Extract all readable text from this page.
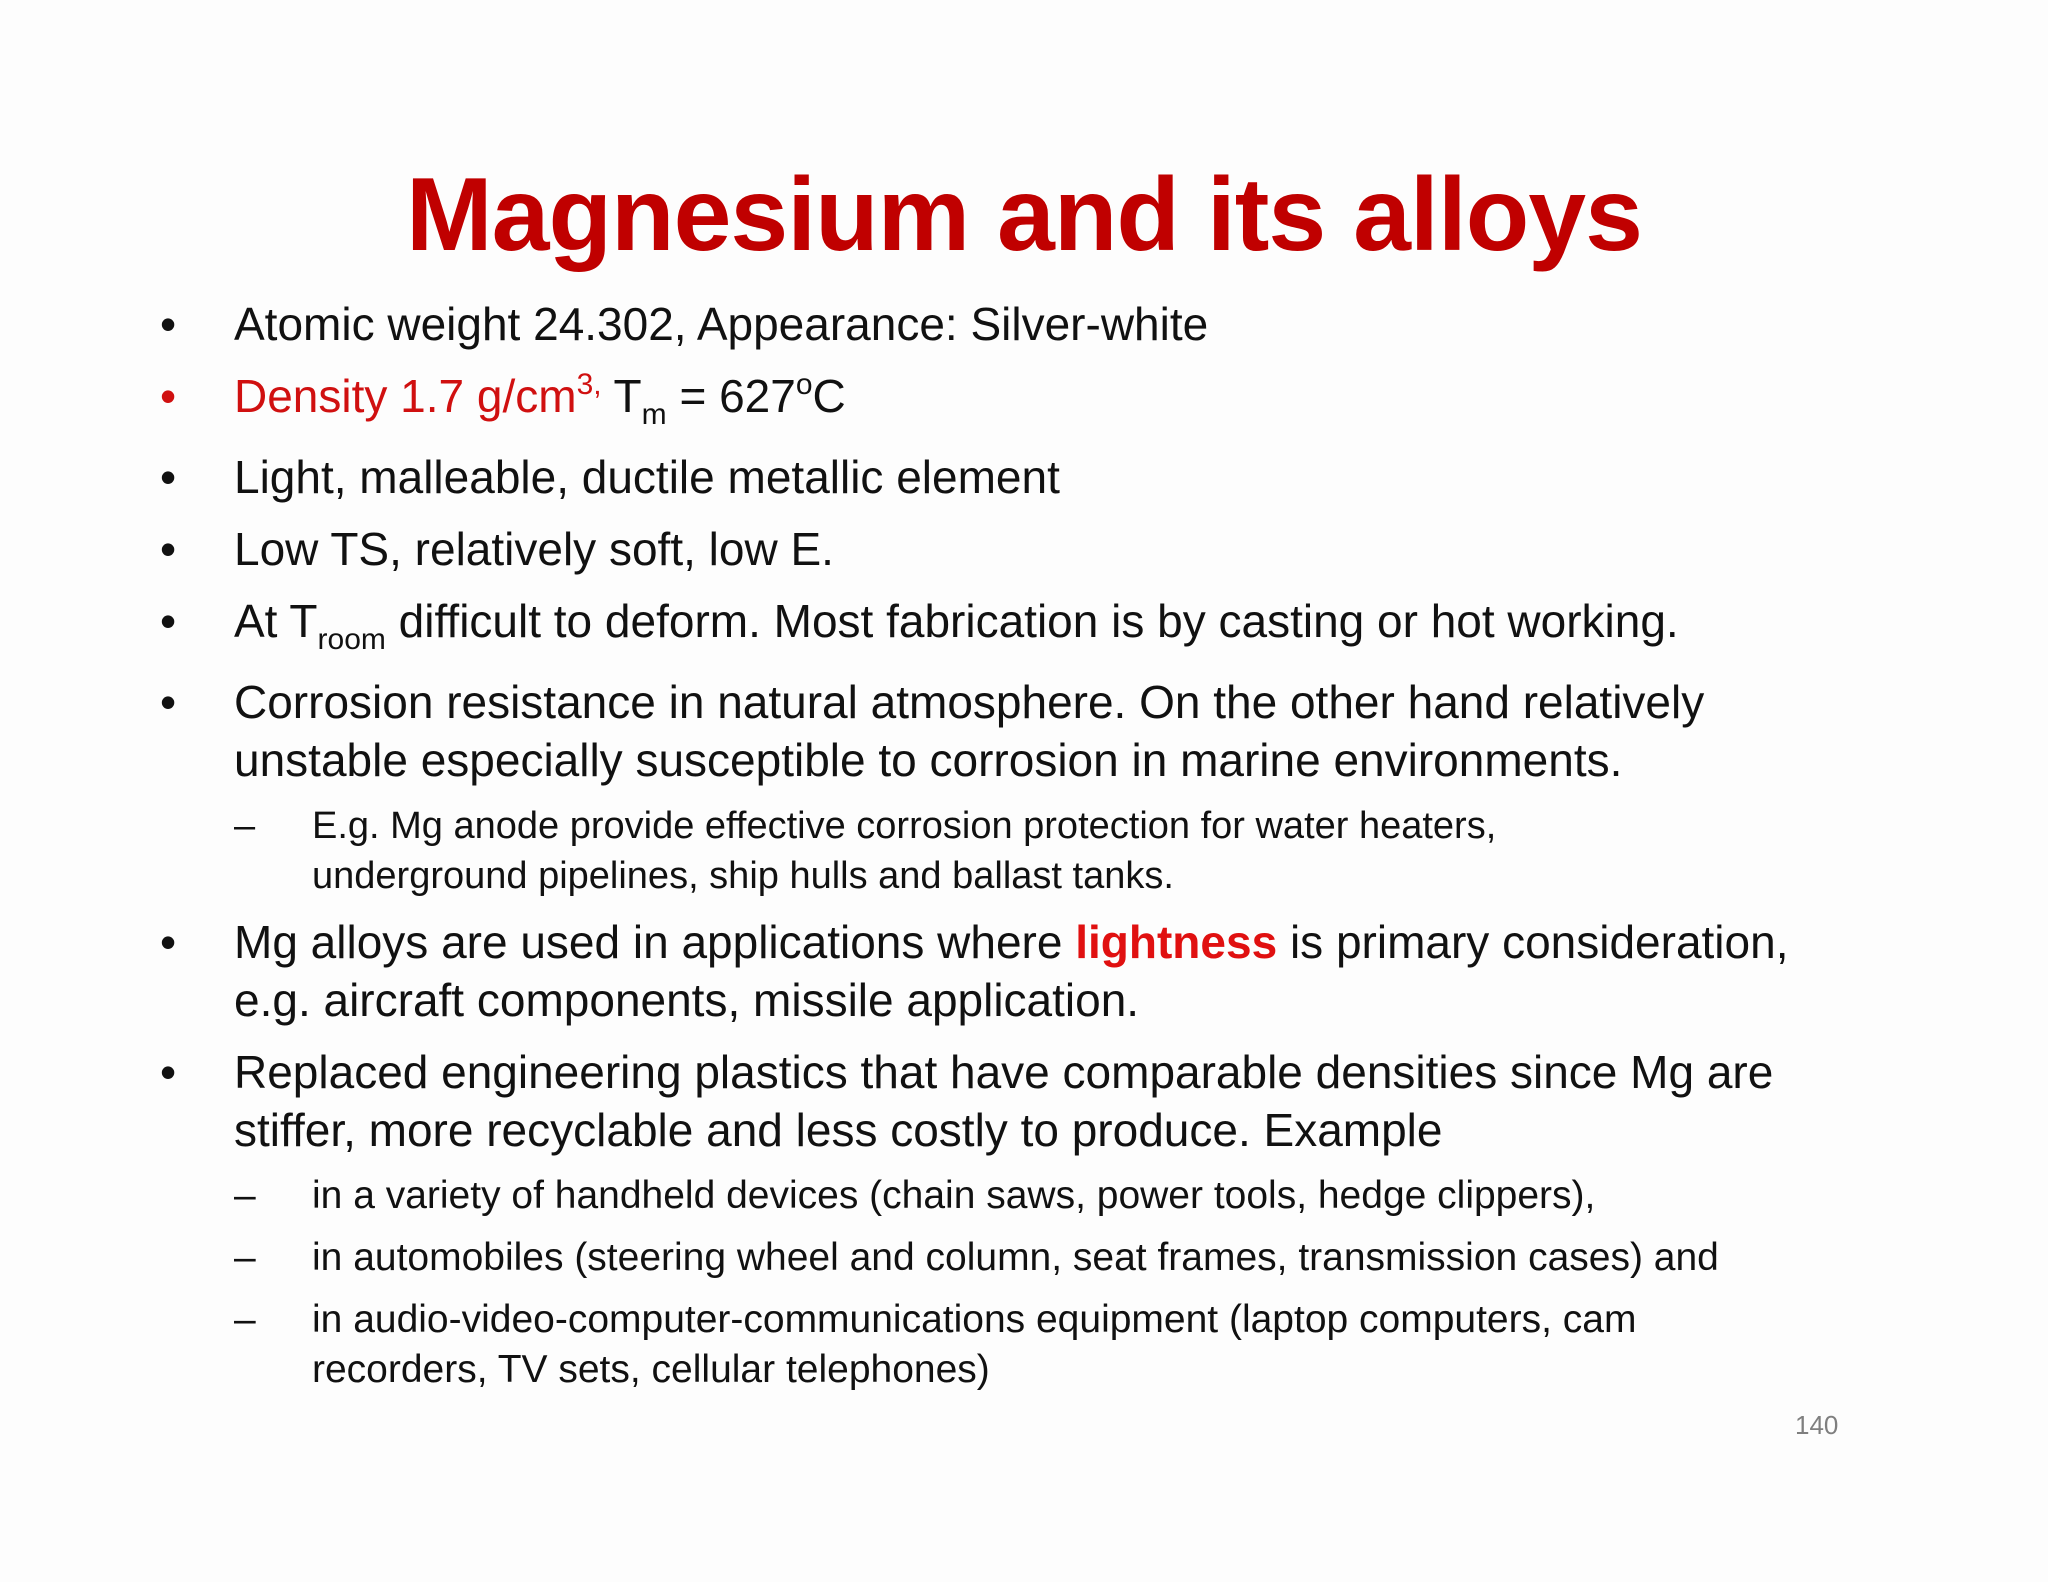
Magnesium and its alloys
• Atomic weight 24.302, Appearance: Silver-white
• Density 1.7 $g/cm^{3,}$ $T_m = 627^oC$
• Light, malleable, ductile metallic element
• Low TS, relatively soft, low E.
• At $T_{room}$ difficult to deform. Most fabrication is by casting or hot working.
• Corrosion resistance in natural atmosphere. On the other hand relatively
unstable especially susceptible to corrosion in marine environments.
– E.g. Mg anode provide effective corrosion protection for water heaters,
underground pipelines, ship hulls and ballast tanks.
• Mg alloys are used in applications where lightness is primary consideration,
e.g. aircraft components, missile application.
• Replaced engineering plastics that have comparable densities since Mg are
stiffer, more recyclable and less costly to produce. Example
– in a variety of handheld devices (chain saws, power tools, hedge clippers),
– in automobiles (steering wheel and column, seat frames, transmission cases) and
– in audio-video-computer-communications equipment (laptop computers, cam
recorders, TV sets, cellular telephones)
140
